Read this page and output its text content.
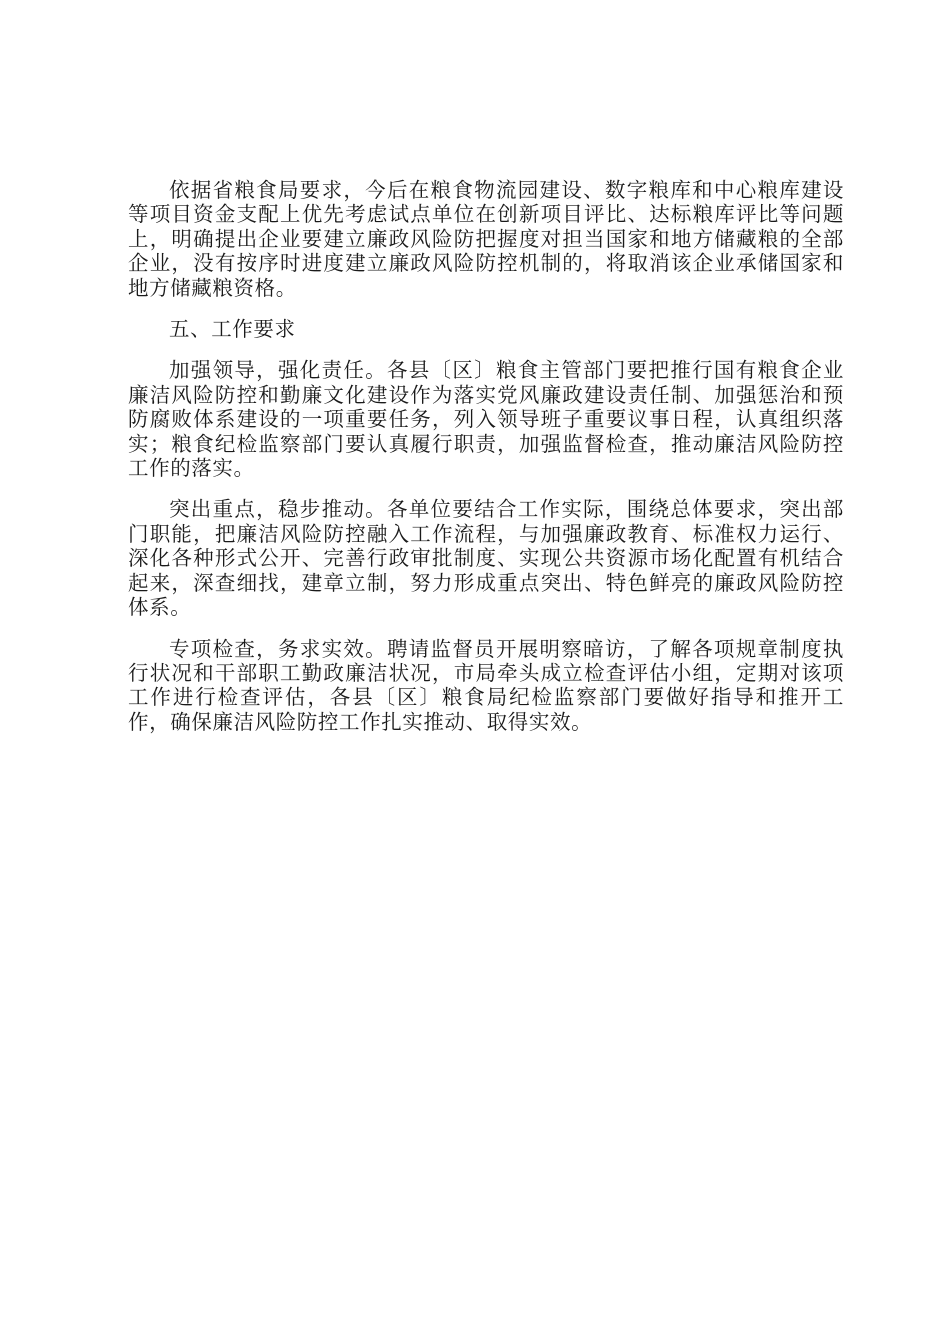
依据省粮食局要求，今后在粮食物流园建设、数字粮库和中心粮库建设等项目资金支配上优先考虑试点单位在创新项目评比、达标粮库评比等问题上，明确提出企业要建立廉政风险防把握度对担当国家和地方储藏粮的全部企业，没有按序时进度建立廉政风险防控机制的，将取消该企业承储国家和地方储藏粮资格。

五、工作要求

加强领导，强化责任。各县〔区〕粮食主管部门要把推行国有粮食企业廉洁风险防控和勤廉文化建设作为落实党风廉政建设责任制、加强惩治和预防腐败体系建设的一项重要任务，列入领导班子重要议事日程，认真组织落实；粮食纪检监察部门要认真履行职责，加强监督检查，推动廉洁风险防控工作的落实。

突出重点，稳步推动。各单位要结合工作实际，围绕总体要求，突出部门职能，把廉洁风险防控融入工作流程，与加强廉政教育、标准权力运行、深化各种形式公开、完善行政审批制度、实现公共资源市场化配置有机结合起来，深查细找，建章立制，努力形成重点突出、特色鲜亮的廉政风险防控体系。

专项检查，务求实效。聘请监督员开展明察暗访，了解各项规章制度执行状况和干部职工勤政廉洁状况，市局牵头成立检查评估小组，定期对该项工作进行检查评估，各县〔区〕粮食局纪检监察部门要做好指导和推开工作，确保廉洁风险防控工作扎实推动、取得实效。
